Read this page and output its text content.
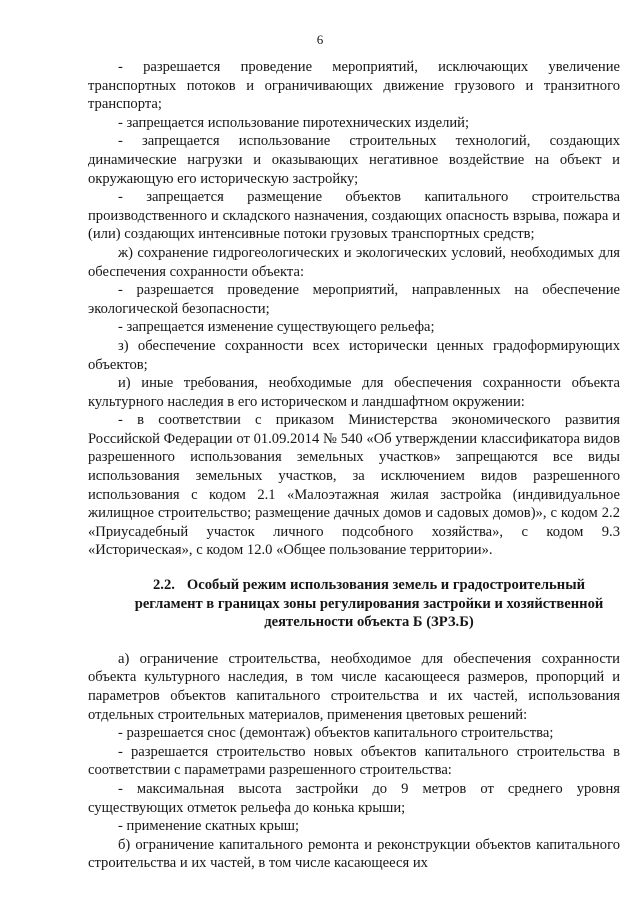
6

- разрешается проведение мероприятий, исключающих увеличение транспортных потоков и ограничивающих движение грузового и транзитного транспорта;

- запрещается использование пиротехнических изделий;

- запрещается использование строительных технологий, создающих динамические нагрузки и оказывающих негативное воздействие на объект и окружающую его историческую застройку;

- запрещается размещение объектов капитального строительства производственного и складского назначения, создающих опасность взрыва, пожара и (или) создающих интенсивные потоки грузовых транспортных средств;

ж) сохранение гидрогеологических и экологических условий, необходимых для обеспечения сохранности объекта:

- разрешается проведение мероприятий, направленных на обеспечение экологической безопасности;

- запрещается изменение существующего рельефа;

з) обеспечение сохранности всех исторически ценных градоформирующих объектов;

и) иные требования, необходимые для обеспечения сохранности объекта культурного наследия в его историческом и ландшафтном окружении:

- в соответствии с приказом Министерства экономического развития Российской Федерации от 01.09.2014 № 540 «Об утверждении классификатора видов разрешенного использования земельных участков» запрещаются все виды использования земельных участков, за исключением видов разрешенного использования с кодом 2.1 «Малоэтажная жилая застройка (индивидуальное жилищное строительство; размещение дачных домов и садовых домов)», с кодом 2.2 «Приусадебный участок личного подсобного хозяйства», с кодом 9.3 «Историческая», с кодом 12.0 «Общее пользование территории».

2.2. Особый режим использования земель и градостроительный регламент в границах зоны регулирования застройки и хозяйственной деятельности объекта Б (ЗРЗ.Б)

а) ограничение строительства, необходимое для обеспечения сохранности объекта культурного наследия, в том числе касающееся размеров, пропорций и параметров объектов капитального строительства и их частей, использования отдельных строительных материалов, применения цветовых решений:

- разрешается снос (демонтаж) объектов капитального строительства;

- разрешается строительство новых объектов капитального строительства в соответствии с параметрами разрешенного строительства:

- максимальная высота застройки до 9 метров от среднего уровня существующих отметок рельефа до конька крыши;

- применение скатных крыш;

б) ограничение капитального ремонта и реконструкции объектов капитального строительства и их частей, в том числе касающееся их
